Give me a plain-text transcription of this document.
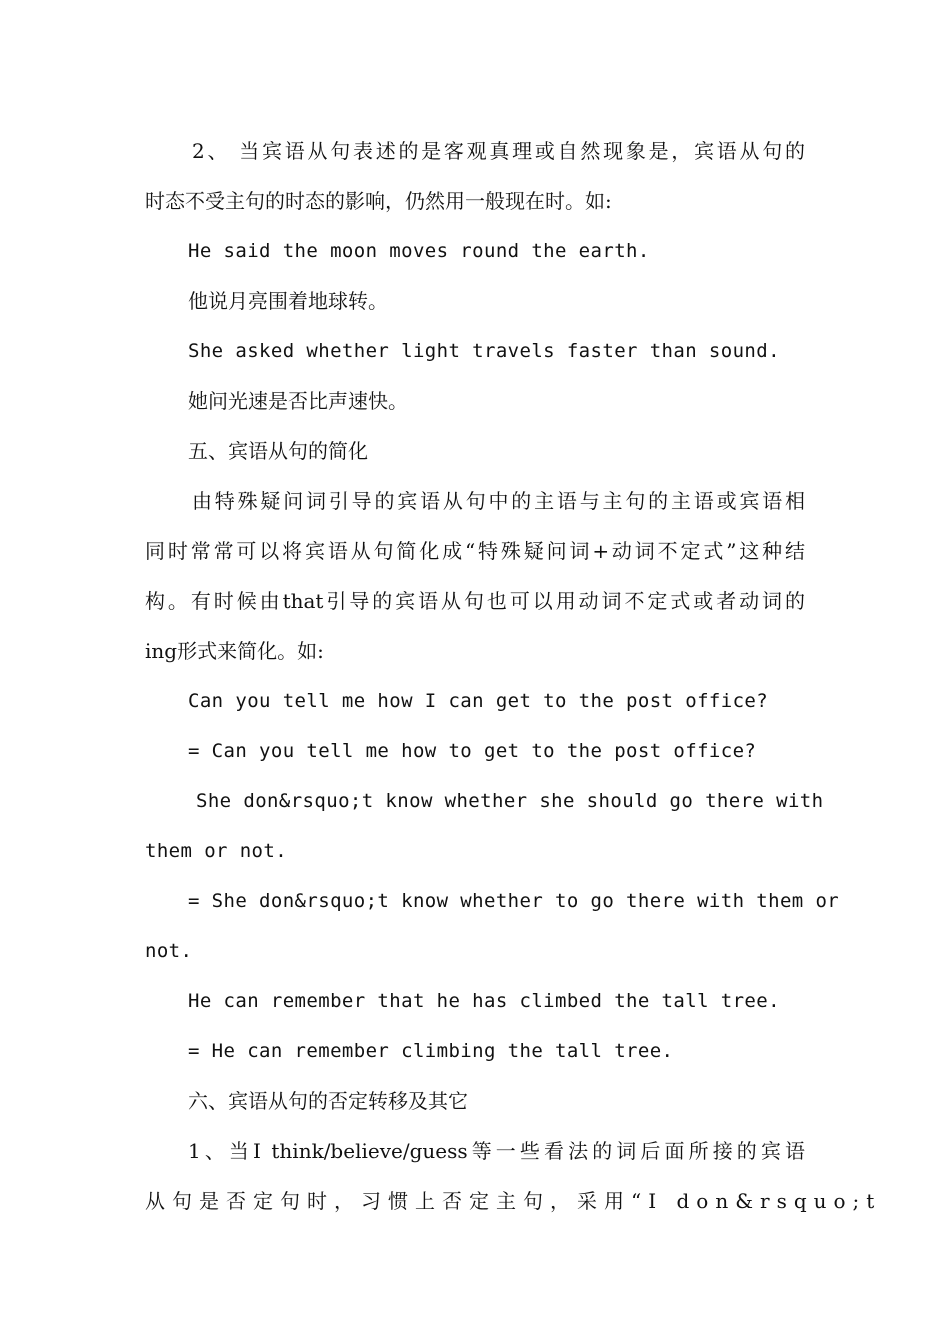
2、 当宾语从句表述的是客观真理或自然现象是，宾语从句的
时态不受主句的时态的影响，仍然用一般现在时。如:
He said the moon moves round the earth.
他说月亮围着地球转。
She asked whether light travels faster than sound.
她问光速是否比声速快。
五、宾语从句的简化
由特殊疑问词引导的宾语从句中的主语与主句的主语或宾语相
同时常常可以将宾语从句简化成“特殊疑问词+动词不定式”这种结
构。有时候由that引导的宾语从句也可以用动词不定式或者动词的
ing形式来简化。如:
Can you tell me how I can get to the post office?
= Can you tell me how to get to the post office?
She don&rsquo;t know whether she should go there with
them or not.
= She don&rsquo;t know whether to go there with them or
not.
He can remember that he has climbed the tall tree.
= He can remember climbing the tall tree.
六、宾语从句的否定转移及其它
1、当I think/believe/guess等一些看法的词后面所接的宾语
从句是否定句时，习惯上否定主句，采用“I don&rsquo;t
